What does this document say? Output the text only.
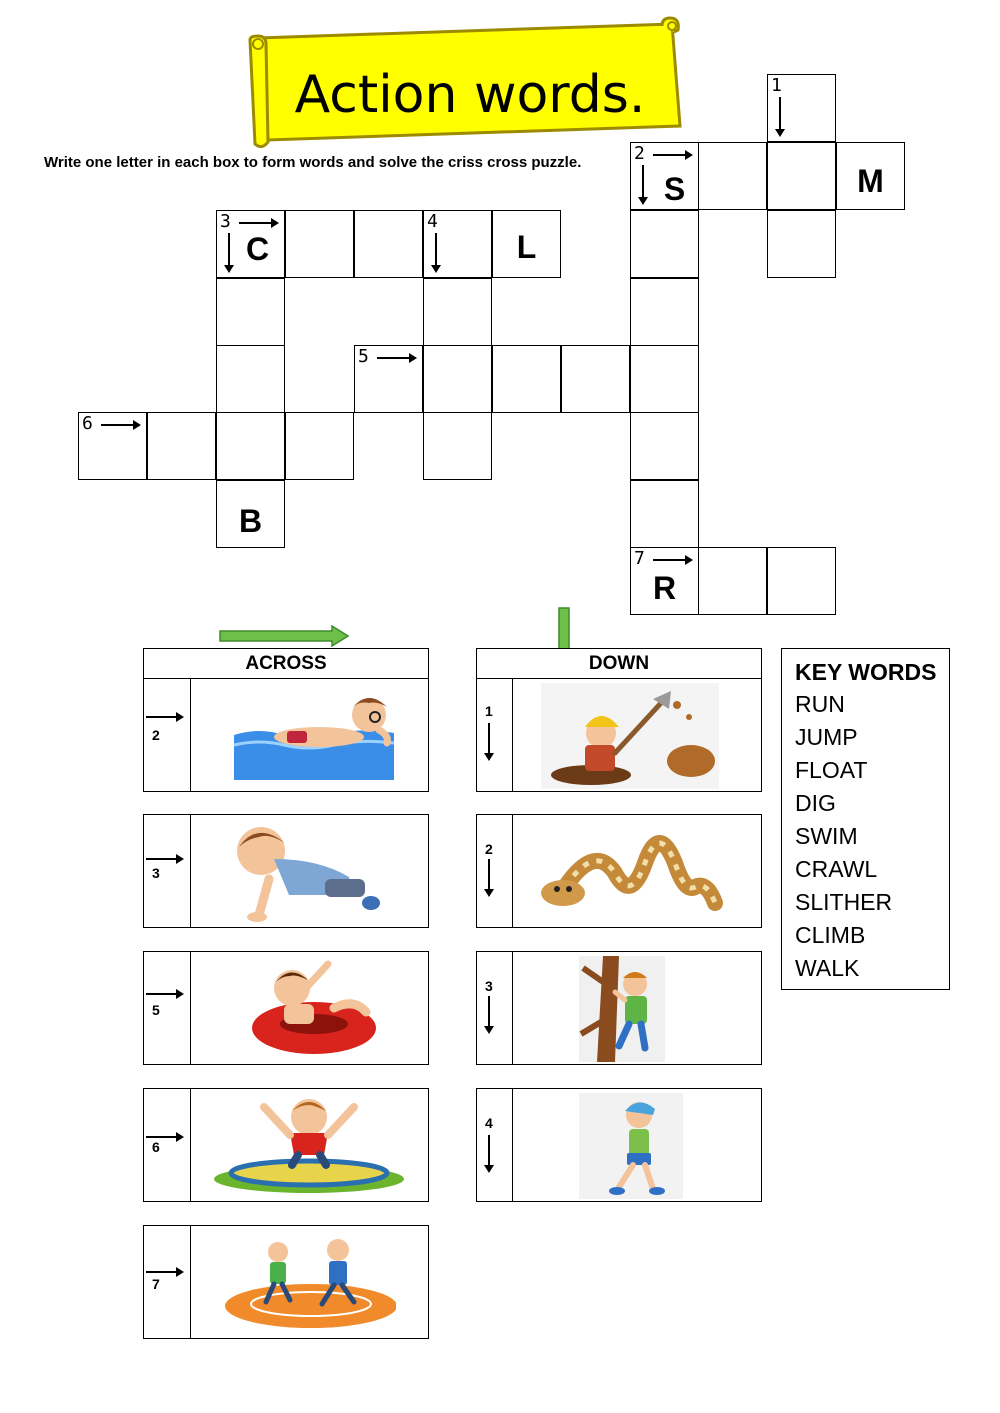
Action words.
Write one letter in each box to form words and solve the criss cross puzzle.
1
2
S	M
7
R
3
C
4
L
B
5
6
ACROSS
2
3
5
6
7
DOWN
1
2
3
4
KEY WORDS
RUN
JUMP
FLOAT
DIG
SWIM
CRAWL
SLITHER
CLIMB
WALK
